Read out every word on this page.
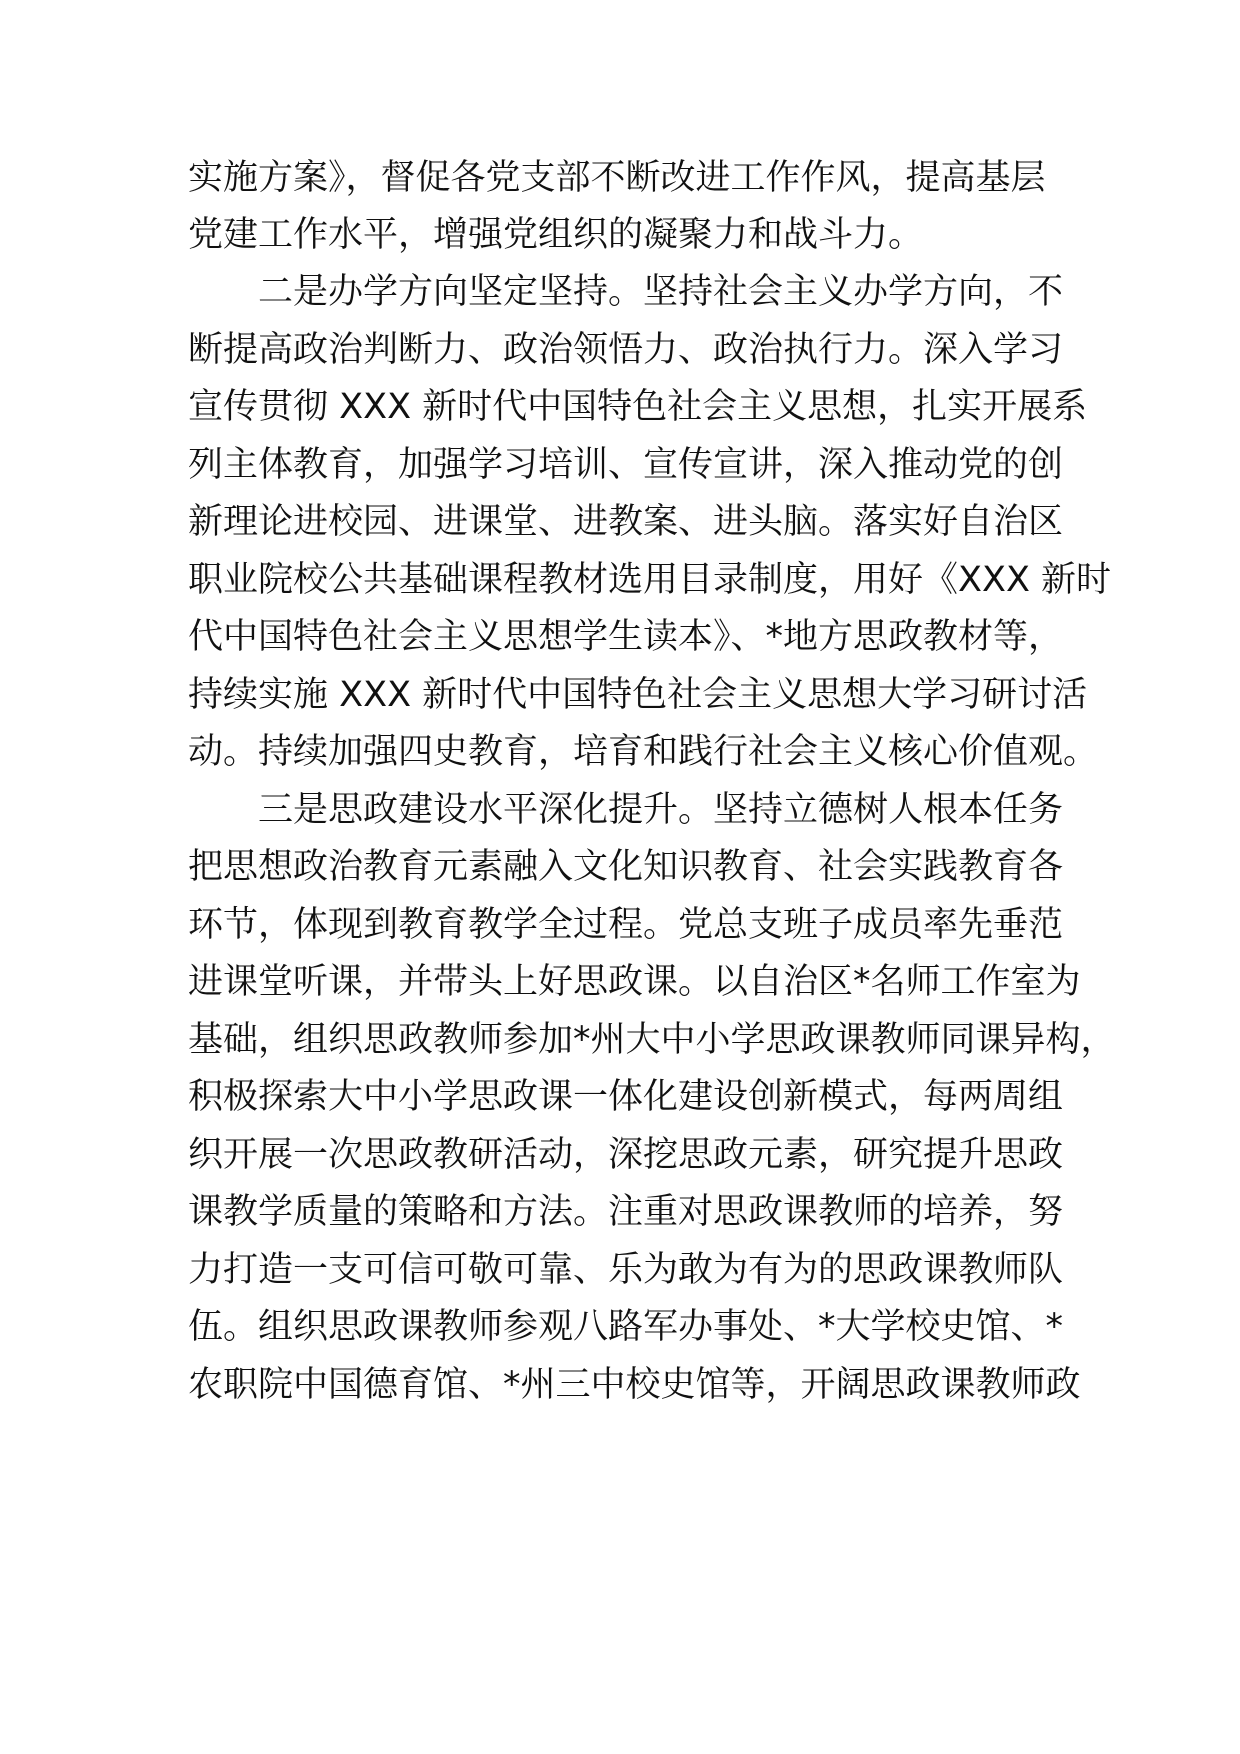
实施方案》，督促各党支部不断改进工作作风，提高基层
党建工作水平，增强党组织的凝聚力和战斗力。
二是办学方向坚定坚持。坚持社会主义办学方向，不
断提高政治判断力、政治领悟力、政治执行力。深入学习
宣传贯彻 XXX 新时代中国特色社会主义思想，扎实开展系
列主体教育，加强学习培训、宣传宣讲，深入推动党的创
新理论进校园、进课堂、进教案、进头脑。落实好自治区
职业院校公共基础课程教材选用目录制度，用好《XXX 新时
代中国特色社会主义思想学生读本》、*地方思政教材等，
持续实施 XXX 新时代中国特色社会主义思想大学习研讨活
动。持续加强四史教育，培育和践行社会主义核心价值观。
三是思政建设水平深化提升。坚持立德树人根本任务
把思想政治教育元素融入文化知识教育、社会实践教育各
环节，体现到教育教学全过程。党总支班子成员率先垂范
进课堂听课，并带头上好思政课。以自治区*名师工作室为
基础，组织思政教师参加*州大中小学思政课教师同课异构，
积极探索大中小学思政课一体化建设创新模式，每两周组
织开展一次思政教研活动，深挖思政元素，研究提升思政
课教学质量的策略和方法。注重对思政课教师的培养，努
力打造一支可信可敬可靠、乐为敢为有为的思政课教师队
伍。组织思政课教师参观八路军办事处、*大学校史馆、*
农职院中国德育馆、*州三中校史馆等，开阔思政课教师政
